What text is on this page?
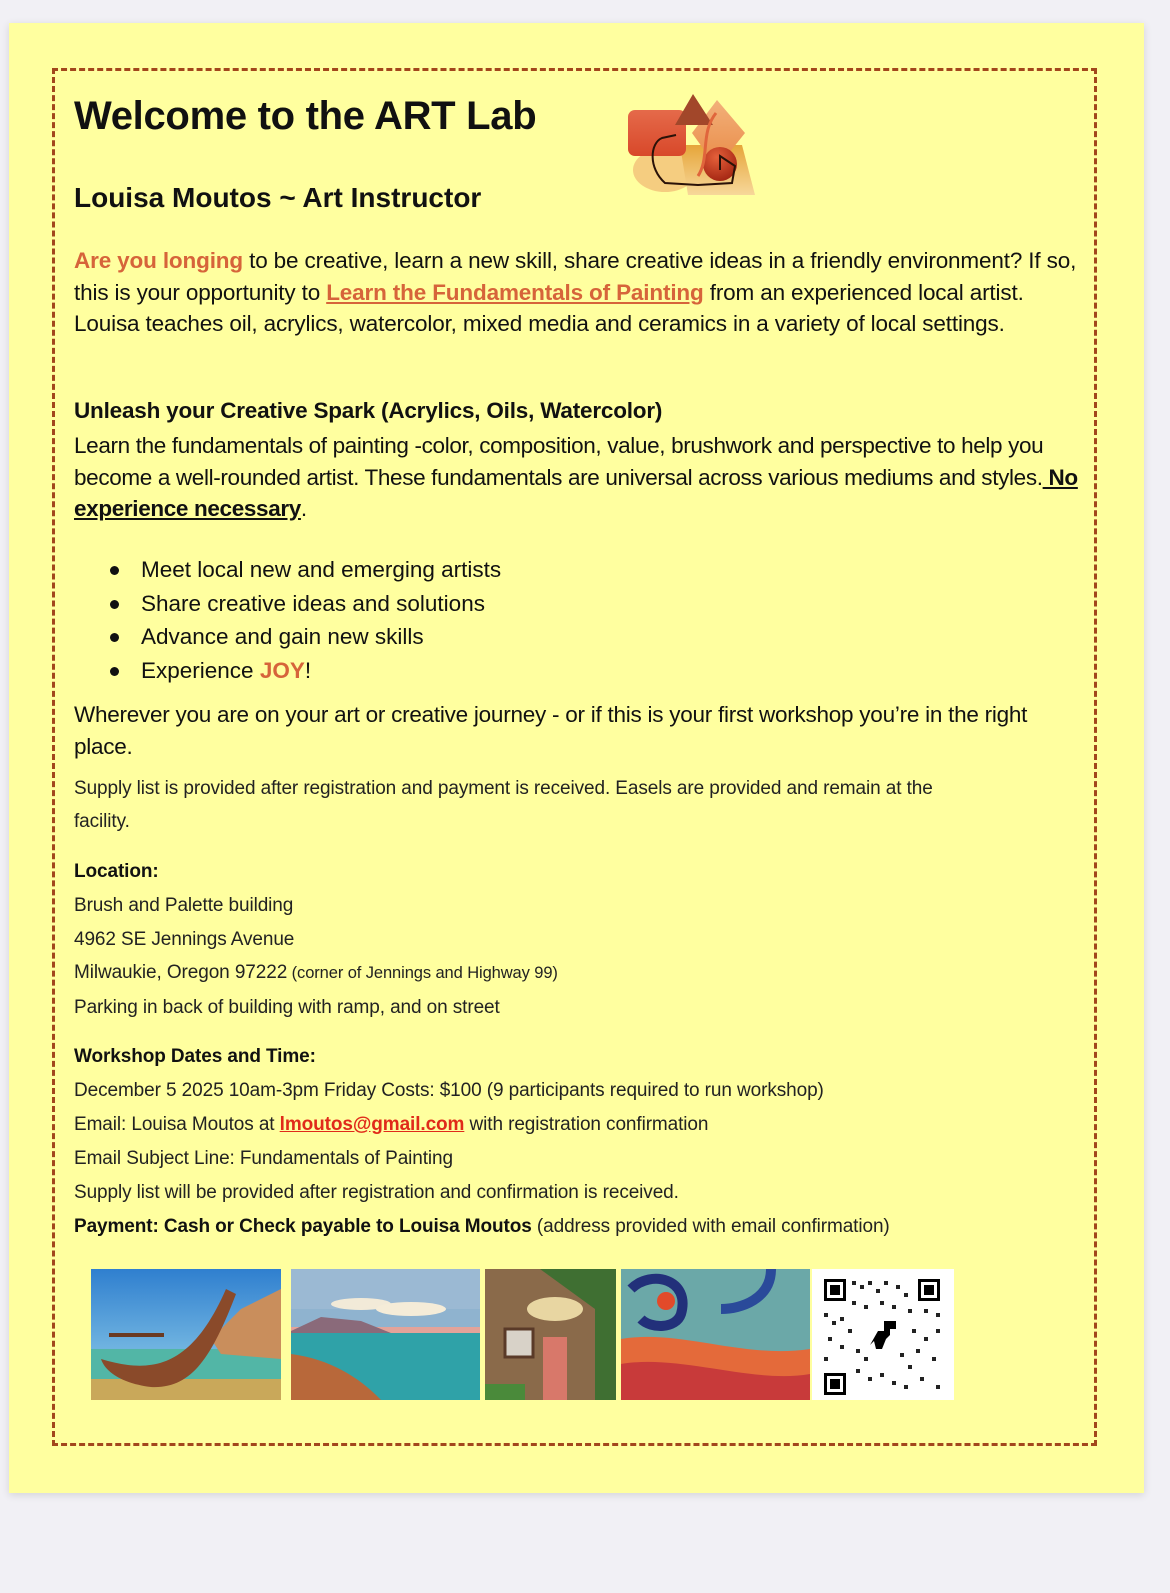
Welcome to the ART Lab
Louisa Moutos ~ Art Instructor
Are you longing to be creative, learn a new skill, share creative ideas in a friendly environment? If so, this is your opportunity to Learn the Fundamentals of Painting from an experienced local artist. Louisa teaches oil, acrylics, watercolor, mixed media and ceramics in a variety of local settings.
Unleash your Creative Spark (Acrylics, Oils, Watercolor)
Learn the fundamentals of painting -color, composition, value, brushwork and perspective to help you become a well-rounded artist. These fundamentals are universal across various mediums and styles. No experience necessary.
Meet local new and emerging artists
Share creative ideas and solutions
Advance and gain new skills
Experience JOY!
Wherever you are on your art or creative journey - or if this is your first workshop you’re in the right place.
Supply list is provided after registration and payment is received. Easels are provided and remain at the
facility.
Location:
Brush and Palette building
4962 SE Jennings Avenue
Milwaukie, Oregon 97222 (corner of Jennings and Highway 99)
Parking in back of building with ramp, and on street
Workshop Dates and Time:
December 5 2025 10am-3pm Friday Costs: $100 (9 participants required to run workshop)
Email: Louisa Moutos at lmoutos@gmail.com with registration confirmation
Email Subject Line: Fundamentals of Painting
Supply list will be provided after registration and confirmation is received.
Payment: Cash or Check payable to Louisa Moutos (address provided with email confirmation)
